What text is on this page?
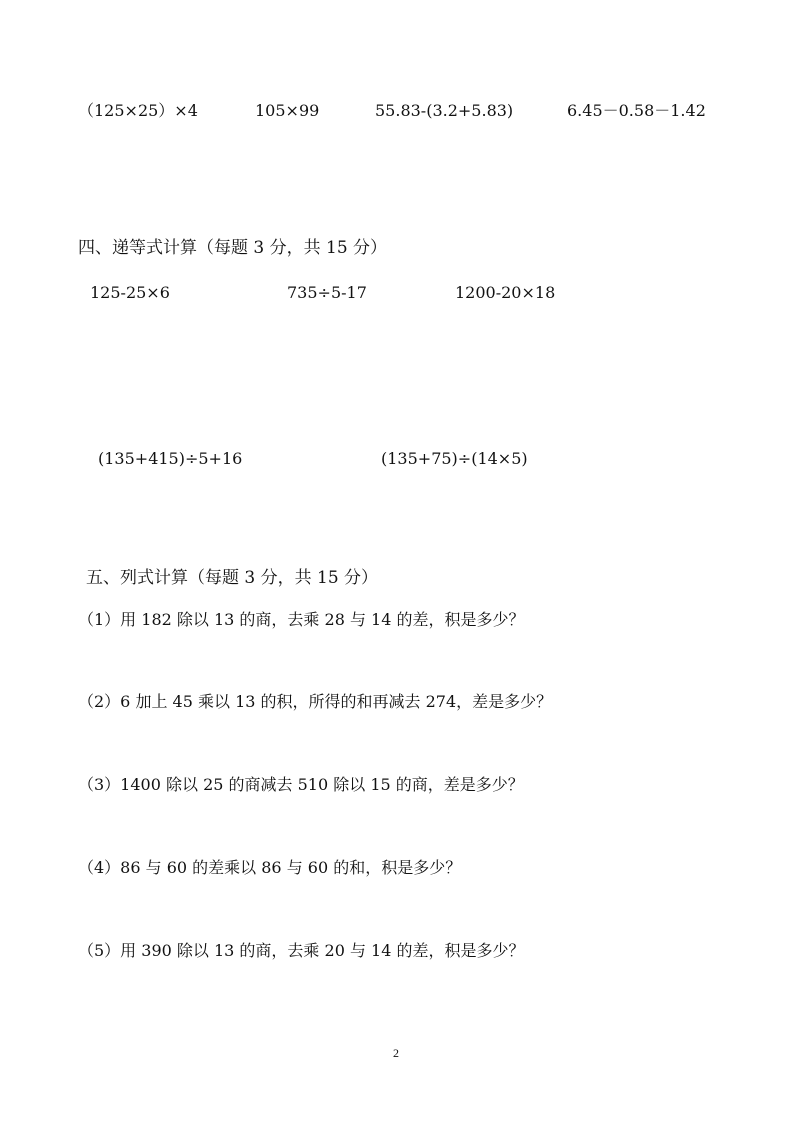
（125×25）×4	105×99	55.83-(3.2+5.83)	6.45－0.58－1.42
四、递等式计算（每题 3 分，共 15 分）
125-25×6	735÷5-17	1200-20×18
(135+415)÷5+16	(135+75)÷(14×5)
五、列式计算（每题 3 分，共 15 分）
（1）用 182 除以 13 的商，去乘 28 与 14 的差，积是多少？
（2）6 加上 45 乘以 13 的积，所得的和再减去 274，差是多少？
（3）1400 除以 25 的商减去 510 除以 15 的商，差是多少？
（4）86 与 60 的差乘以 86 与 60 的和，积是多少？
（5）用 390 除以 13 的商，去乘 20 与 14 的差，积是多少？
2
